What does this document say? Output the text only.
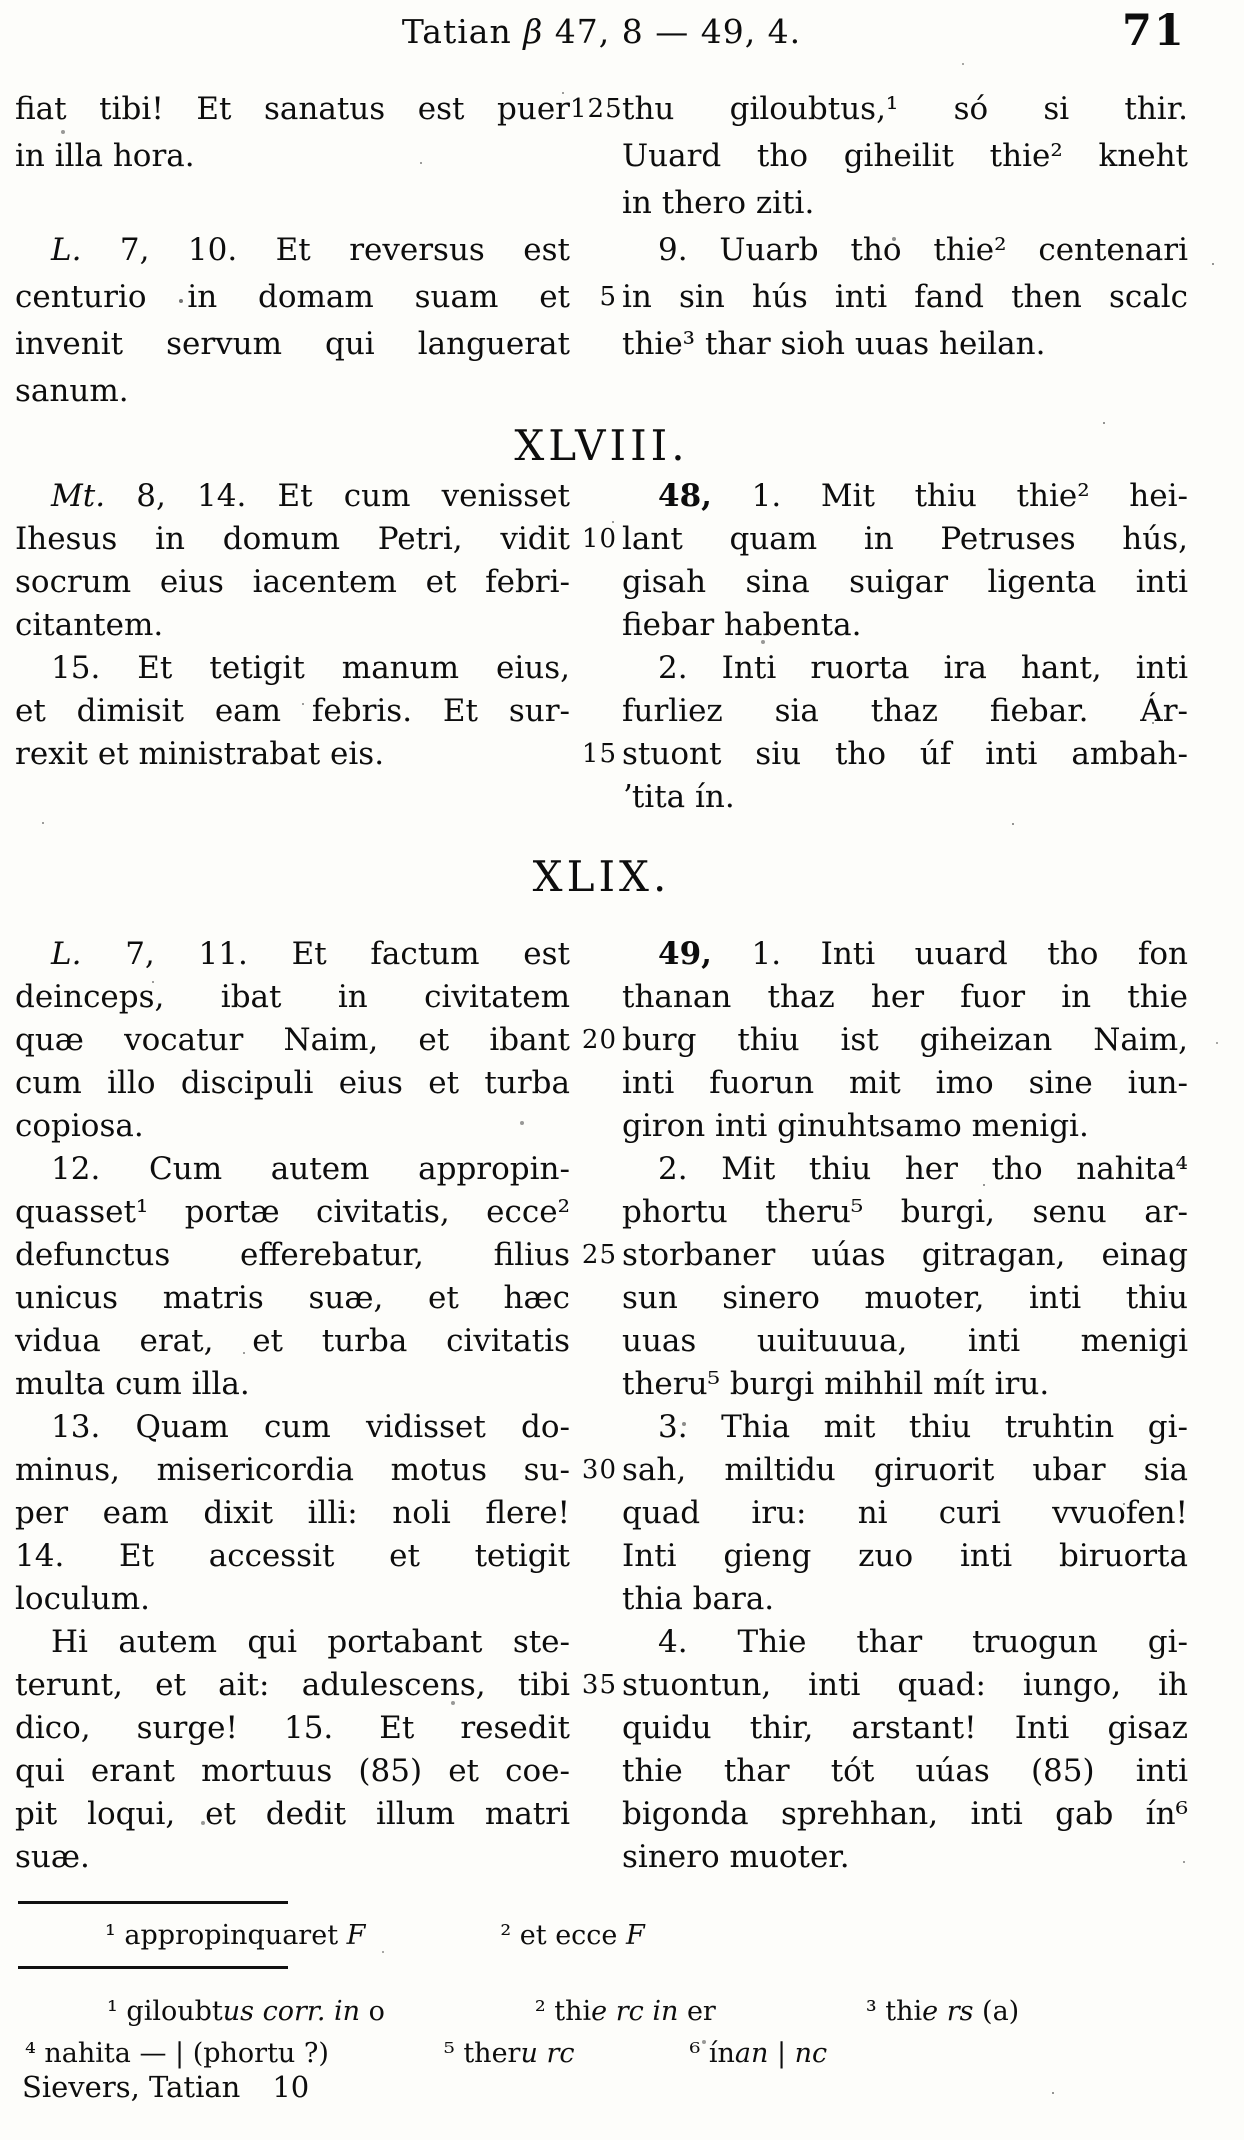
Tatian β 47, 8 — 49, 4.	71
fiat tibi! Et sanatus est puer 125 thu giloubtus,¹ só si thir.
in illa hora.	Uuard tho giheilit thie² kneht
in thero ziti.
L. 7, 10. Et reversus est	9. Uuarb tho thie² centenari
centurio in domam suam et	5 in sin hús inti fand then scalc
invenit servum qui languerat thie³ thar sioh uuas heilan.
sanum.
XLVIII.
Mt. 8, 14. Et cum venisset	48, 1. Mit thiu thie² hei-
Ihesus in domum Petri, vidit 10 lant quam in Petruses hús,
socrum eius iacentem et febri- gisah sina suigar ligenta inti
citantem.	fiebar habenta.
15. Et tetigit manum eius,	2. Inti ruorta ira hant, inti
et dimisit eam febris. Et sur- furliez sia thaz fiebar. Ár-
rexit et ministrabat eis.	15 stuont siu tho úf inti ambah-
ʼtita ín.
XLIX.
L. 7, 11. Et factum est	49, 1. Inti uuard tho fon
deinceps, ibat in civitatem thanan thaz her fuor in thie
quæ vocatur Naim, et ibant 20 burg thiu ist giheizan Naim,
cum illo discipuli eius et turba inti fuorun mit imo sine iun-
copiosa.	giron inti ginuhtsamo menigi.
12. Cum autem appropin-	2. Mit thiu her tho nahita⁴
quasset¹ portæ civitatis, ecce² phortu theru⁵ burgi, senu ar-
defunctus efferebatur, filius 25 storbaner uúas gitragan, einag
unicus matris suæ, et hæc sun sinero muoter, inti thiu
vidua erat, et turba civitatis uuas uuituuua, inti menigi
multa cum illa.	theru⁵ burgi mihhil mít iru.
13. Quam cum vidisset do-	3. Thia mit thiu truhtin gi-
minus, misericordia motus su- 30 sah, miltidu giruorit ubar sia
per eam dixit illi: noli flere! quad iru: ni curi vvuofen!
14. Et accessit et tetigit Inti gieng zuo inti biruorta
loculum.	thia bara.
Hi autem qui portabant ste-	4. Thie thar truogun gi-
terunt, et ait: adulescens, tibi 35 stuontun, inti quad: iungo, ih
dico, surge! 15. Et resedit quidu thir, arstant! Inti gisaz
qui erant mortuus (85) et coe- thie thar tót uúas (85) inti
pit loqui, et dedit illum matri bigonda sprehhan, inti gab ín⁶
suæ.	sinero muoter.
¹ appropinquaret F	² et ecce F
¹ giloubtus corr. in o	² thie rc in er	³ thie rs (a)
⁴ nahita — | (phortu ?)	⁵ theru rc	⁶ ínan | nc
Sievers, Tatian 10
